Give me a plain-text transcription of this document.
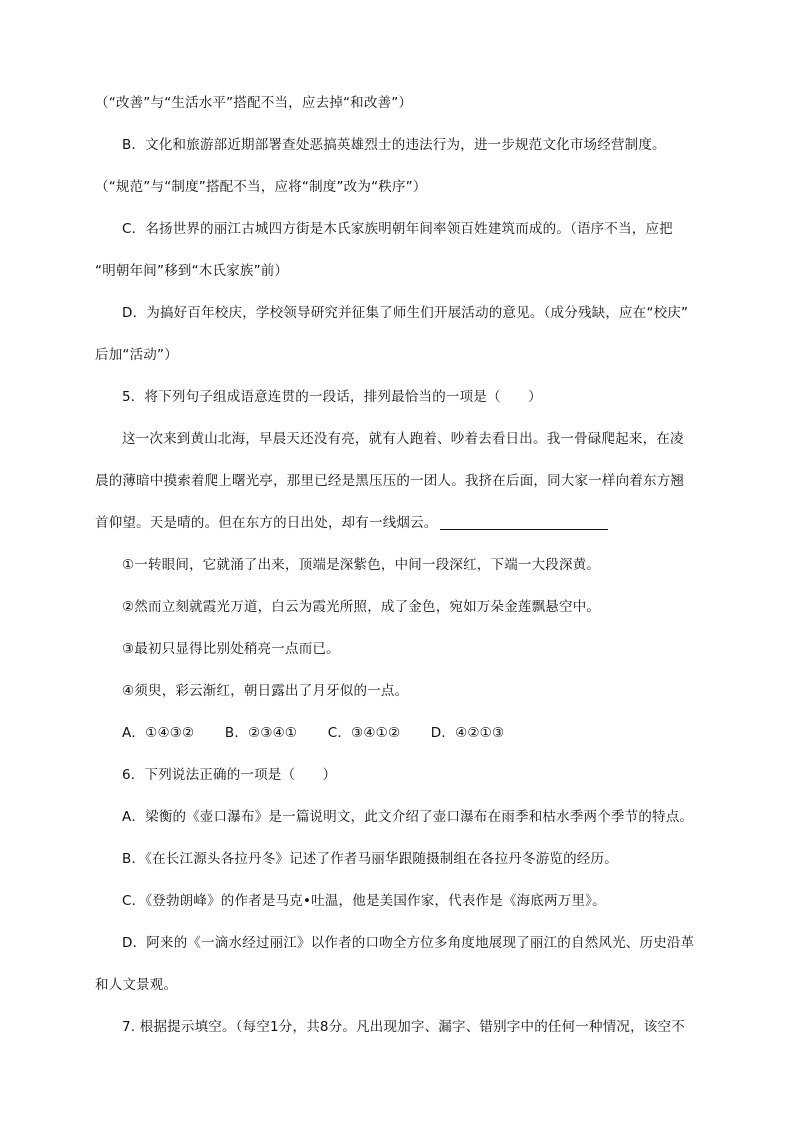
（“改善”与“生活水平”搭配不当，应去掉“和改善”）
B．文化和旅游部近期部署查处恶搞英雄烈士的违法行为，进一步规范文化市场经营制度。
（“规范”与“制度”搭配不当，应将“制度”改为“秩序”）
C．名扬世界的丽江古城四方街是木氏家族明朝年间率领百姓建筑而成的。（语序不当，应把
“明朝年间”移到“木氏家族”前）
D．为搞好百年校庆，学校领导研究并征集了师生们开展活动的意见。（成分残缺，应在“校庆”
后加“活动”）
5．将下列句子组成语意连贯的一段话，排列最恰当的一项是（　　）
这一次来到黄山北海，早晨天还没有亮，就有人跑着、吵着去看日出。我一骨碌爬起来，在凌
晨的薄暗中摸索着爬上曙光亭，那里已经是黑压压的一团人。我挤在后面，同大家一样向着东方翘
首仰望。天是晴的。但在东方的日出处，却有一线烟云。
①一转眼间，它就涌了出来，顶端是深紫色，中间一段深红，下端一大段深黄。
②然而立刻就霞光万道，白云为霞光所照，成了金色，宛如万朵金莲飘悬空中。
③最初只显得比别处稍亮一点而已。
④须臾，彩云渐红，朝日露出了月牙似的一点。
A．①④③② B．②③④① C．③④①② D．④②①③
6．下列说法正确的一项是（　　）
A．梁衡的《壶口瀑布》是一篇说明文，此文介绍了壶口瀑布在雨季和枯水季两个季节的特点。
B．《在长江源头各拉丹冬》记述了作者马丽华跟随摄制组在各拉丹冬游览的经历。
C．《登勃朗峰》的作者是马克•吐温，他是美国作家，代表作是《海底两万里》。
D．阿来的《一滴水经过丽江》以作者的口吻全方位多角度地展现了丽江的自然风光、历史沿革
和人文景观。
7. 根据提示填空。（每空1分，共8分。凡出现加字、漏字、错别字中的任何一种情况，该空不
